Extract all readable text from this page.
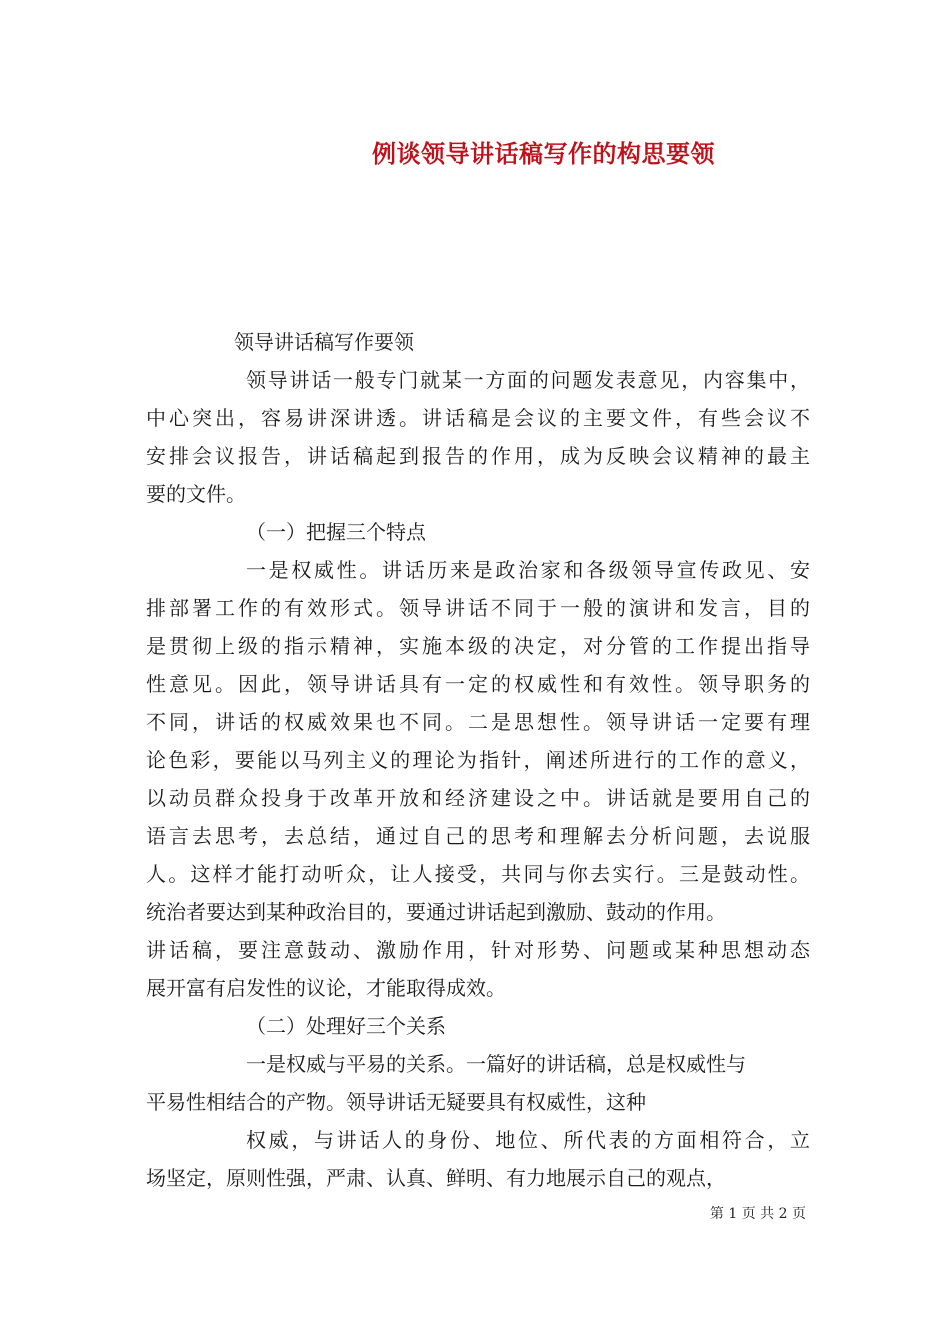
例谈领导讲话稿写作的构思要领
领导讲话稿写作要领
领导讲话一般专门就某一方面的问题发表意见，内容集中，
中心突出，容易讲深讲透。讲话稿是会议的主要文件，有些会议不
安排会议报告，讲话稿起到报告的作用，成为反映会议精神的最主
要的文件。
（一）把握三个特点
一是权威性。讲话历来是政治家和各级领导宣传政见、安
排部署工作的有效形式。领导讲话不同于一般的演讲和发言，目的
是贯彻上级的指示精神，实施本级的决定，对分管的工作提出指导
性意见。因此，领导讲话具有一定的权威性和有效性。领导职务的
不同，讲话的权威效果也不同。二是思想性。领导讲话一定要有理
论色彩，要能以马列主义的理论为指针，阐述所进行的工作的意义，
以动员群众投身于改革开放和经济建设之中。讲话就是要用自己的
语言去思考，去总结，通过自己的思考和理解去分析问题，去说服
人。这样才能打动听众，让人接受，共同与你去实行。三是鼓动性。
统治者要达到某种政治目的，要通过讲话起到激励、鼓动的作用。
讲话稿，要注意鼓动、激励作用，针对形势、问题或某种思想动态
展开富有启发性的议论，才能取得成效。
（二）处理好三个关系
一是权威与平易的关系。一篇好的讲话稿，总是权威性与
平易性相结合的产物。领导讲话无疑要具有权威性，这种
权威，与讲话人的身份、地位、所代表的方面相符合，立
场坚定，原则性强，严肃、认真、鲜明、有力地展示自己的观点，
第 1 页 共 2 页
